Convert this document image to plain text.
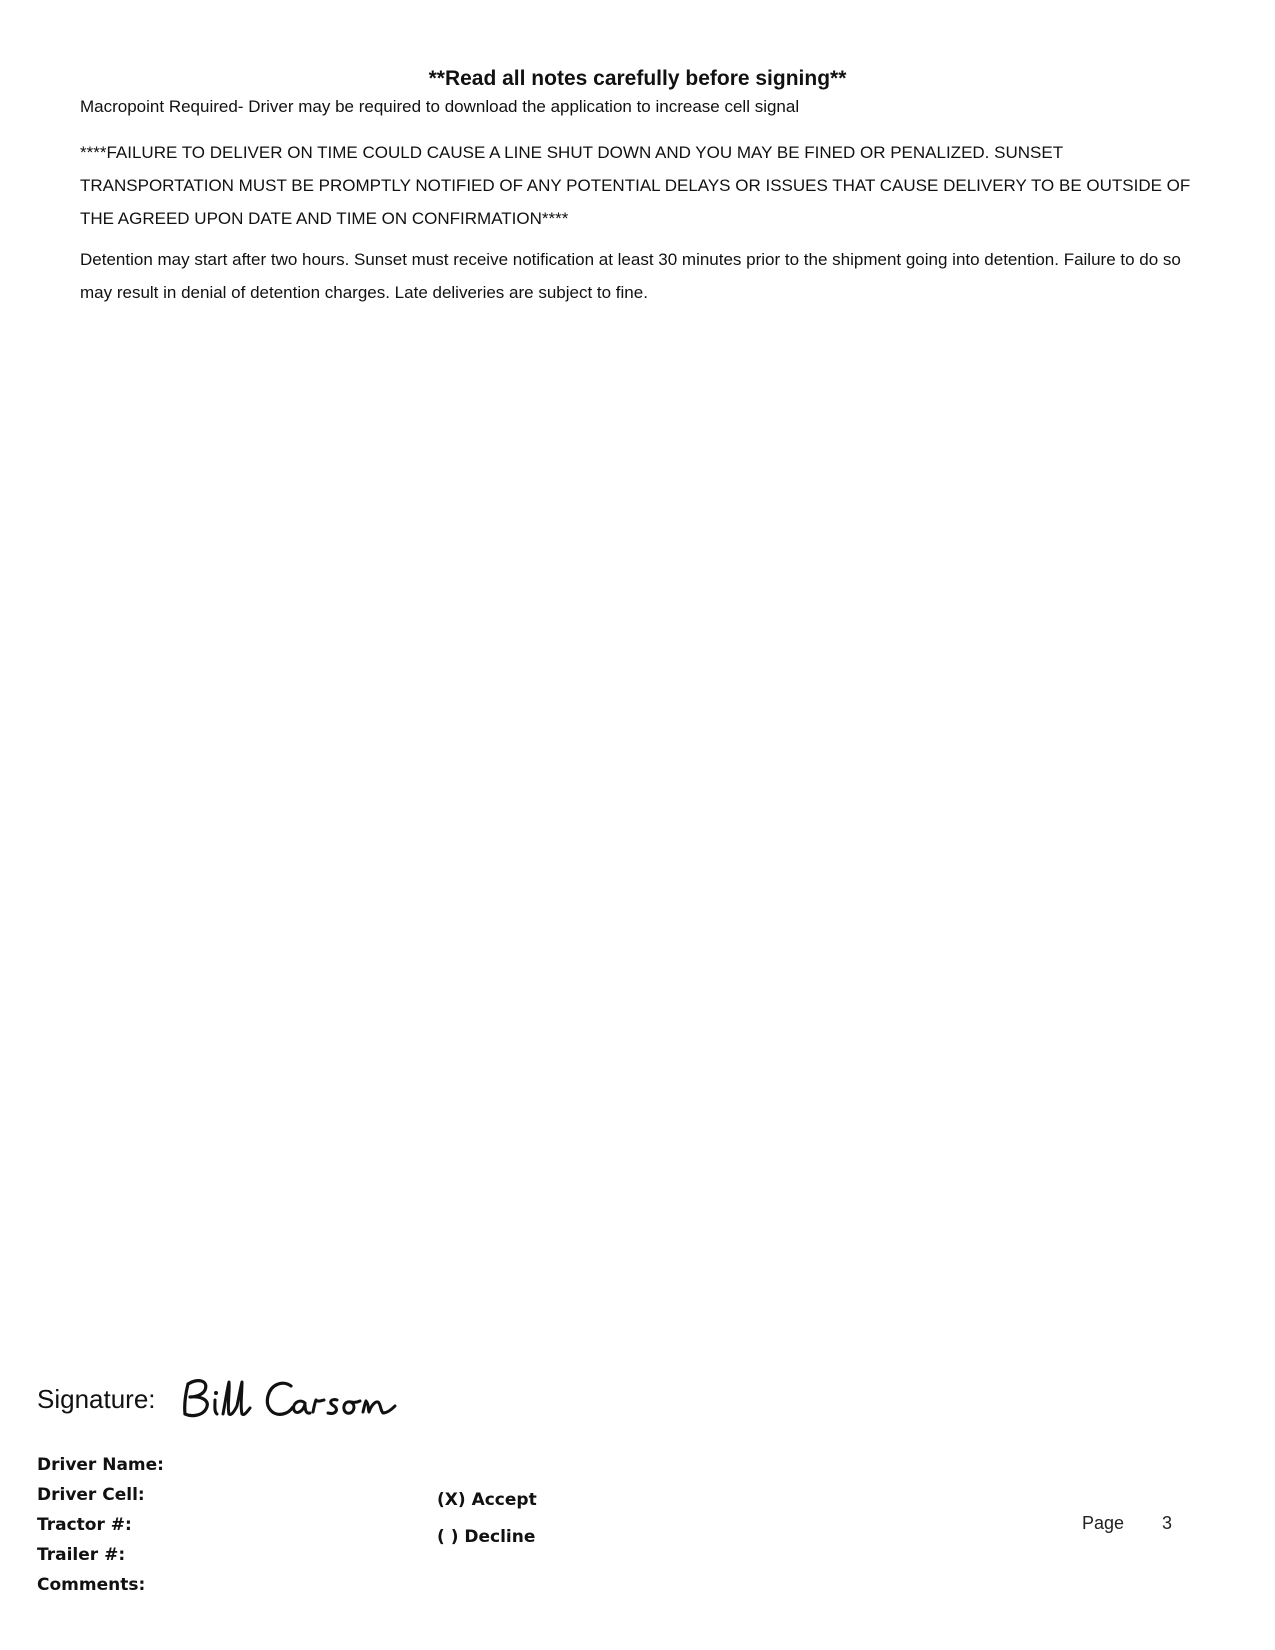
**Read all notes carefully before signing**
Macropoint Required- Driver may be required to download the application to increase cell signal
****FAILURE TO DELIVER ON TIME COULD CAUSE A LINE SHUT DOWN AND YOU MAY BE FINED OR PENALIZED. SUNSET TRANSPORTATION MUST BE PROMPTLY NOTIFIED OF ANY POTENTIAL DELAYS OR ISSUES THAT CAUSE DELIVERY TO BE OUTSIDE OF THE AGREED UPON DATE AND TIME ON CONFIRMATION****
Detention may start after two hours. Sunset must receive notification at least 30 minutes prior to the shipment going into detention. Failure to do so may result in denial of detention charges. Late deliveries are subject to fine.
Signature:
Driver Name:
Driver Cell:
Tractor #:
Trailer #:
Comments:
(X) Accept
( ) Decline
Page 3
